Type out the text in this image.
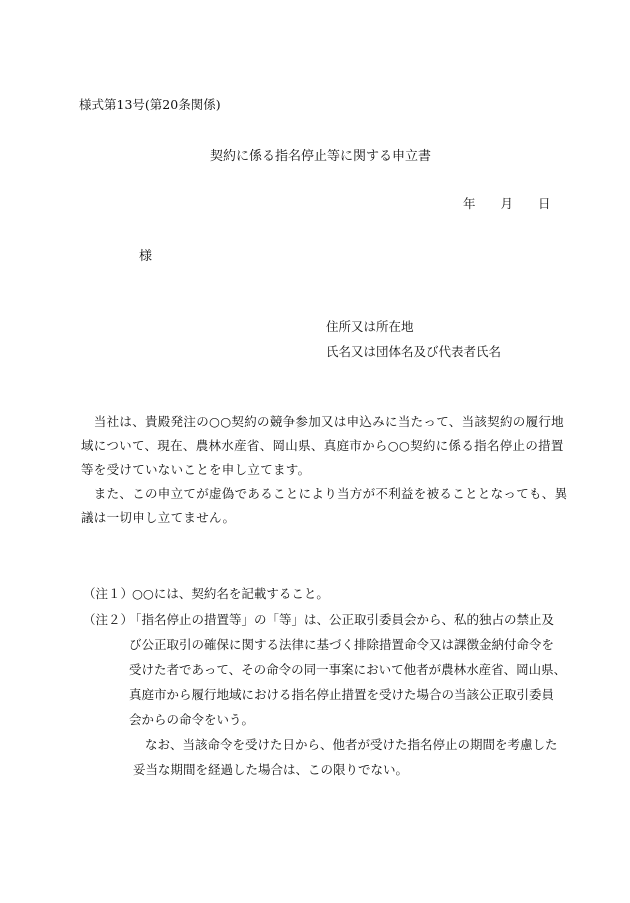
様式第13号(第20条関係)
契約に係る指名停止等に関する申立書
年 月 日
様
住所又は所在地
氏名又は団体名及び代表者氏名

　当社は、貴殿発注の○○契約の競争参加又は申込みに当たって、当該契約の履行地
域について、現在、農林水産省、岡山県、真庭市から○○契約に係る指名停止の措置
等を受けていないことを申し立てます。

　また、この申立てが虚偽であることにより当方が不利益を被ることとなっても、異
議は一切申し立てません。

（注１）
○○には、契約名を記載すること。
（注２）
「指名停止の措置等」の「等」は、公正取引委員会から、私的独占の禁止及
び公正取引の確保に関する法律に基づく排除措置命令又は課徴金納付命令を
受けた者であって、その命令の同一事案において他者が農林水産省、岡山県、
真庭市から履行地域における指名停止措置を受けた場合の当該公正取引委員
会からの命令をいう。
なお、当該命令を受けた日から、他者が受けた指名停止の期間を考慮した
妥当な期間を経過した場合は、この限りでない。
